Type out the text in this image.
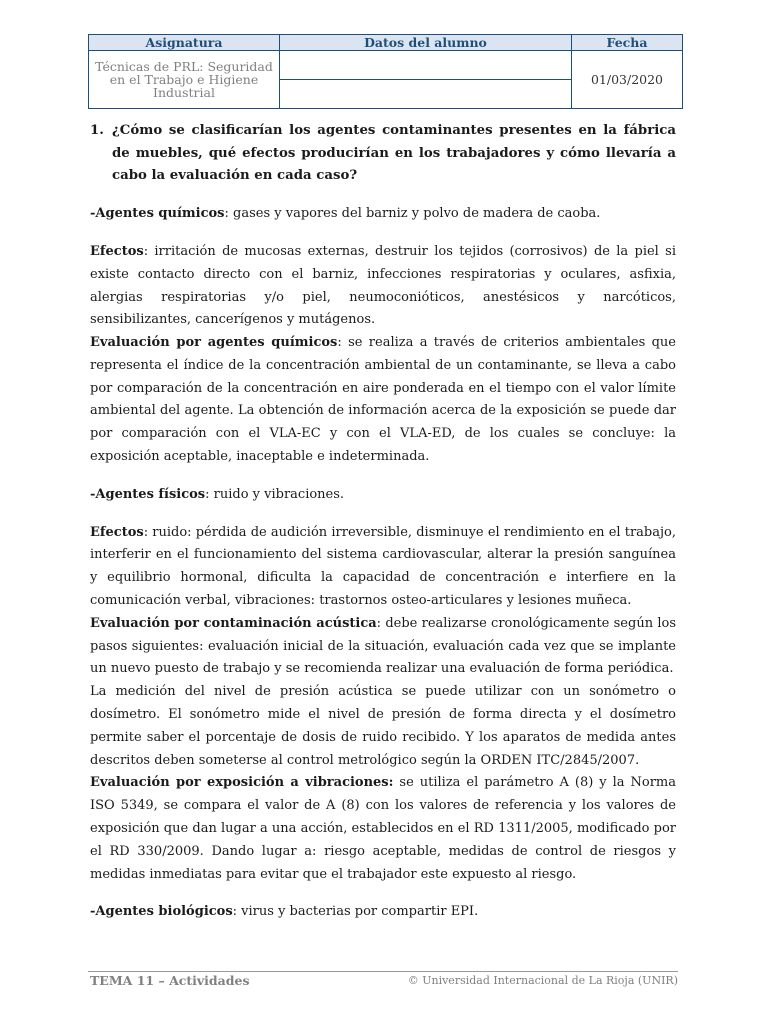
Asignatura	Datos del alumno	Fecha
Técnicas de PRL: Seguridad en el Trabajo e Higiene Industrial		01/03/2020

1. ¿Cómo se clasificarían los agentes contaminantes presentes en la fábrica de muebles, qué efectos producirían en los trabajadores y cómo llevaría a cabo la evaluación en cada caso?

-Agentes químicos: gases y vapores del barniz y polvo de madera de caoba.

Efectos: irritación de mucosas externas, destruir los tejidos (corrosivos) de la piel si existe contacto directo con el barniz, infecciones respiratorias y oculares, asfixia, alergias respiratorias y/o piel, neumoconióticos, anestésicos y narcóticos, sensibilizantes, cancerígenos y mutágenos.

Evaluación por agentes químicos: se realiza a través de criterios ambientales que representa el índice de la concentración ambiental de un contaminante, se lleva a cabo por comparación de la concentración en aire ponderada en el tiempo con el valor límite ambiental del agente. La obtención de información acerca de la exposición se puede dar por comparación con el VLA-EC y con el VLA-ED, de los cuales se concluye: la exposición aceptable, inaceptable e indeterminada.

-Agentes físicos: ruido y vibraciones.

Efectos: ruido: pérdida de audición irreversible, disminuye el rendimiento en el trabajo, interferir en el funcionamiento del sistema cardiovascular, alterar la presión sanguínea y equilibrio hormonal, dificulta la capacidad de concentración e interfiere en la comunicación verbal, vibraciones: trastornos osteo-articulares y lesiones muñeca.

Evaluación por contaminación acústica: debe realizarse cronológicamente según los pasos siguientes: evaluación inicial de la situación, evaluación cada vez que se implante un nuevo puesto de trabajo y se recomienda realizar una evaluación de forma periódica.

La medición del nivel de presión acústica se puede utilizar con un sonómetro o dosímetro. El sonómetro mide el nivel de presión de forma directa y el dosímetro permite saber el porcentaje de dosis de ruido recibido. Y los aparatos de medida antes descritos deben someterse al control metrológico según la ORDEN ITC/2845/2007.

Evaluación por exposición a vibraciones: se utiliza el parámetro A (8) y la Norma ISO 5349, se compara el valor de A (8) con los valores de referencia y los valores de exposición que dan lugar a una acción, establecidos en el RD 1311/2005, modificado por el RD 330/2009. Dando lugar a: riesgo aceptable, medidas de control de riesgos y medidas inmediatas para evitar que el trabajador este expuesto al riesgo.

-Agentes biológicos: virus y bacterias por compartir EPI.

TEMA 11 – Actividades	© Universidad Internacional de La Rioja (UNIR)
